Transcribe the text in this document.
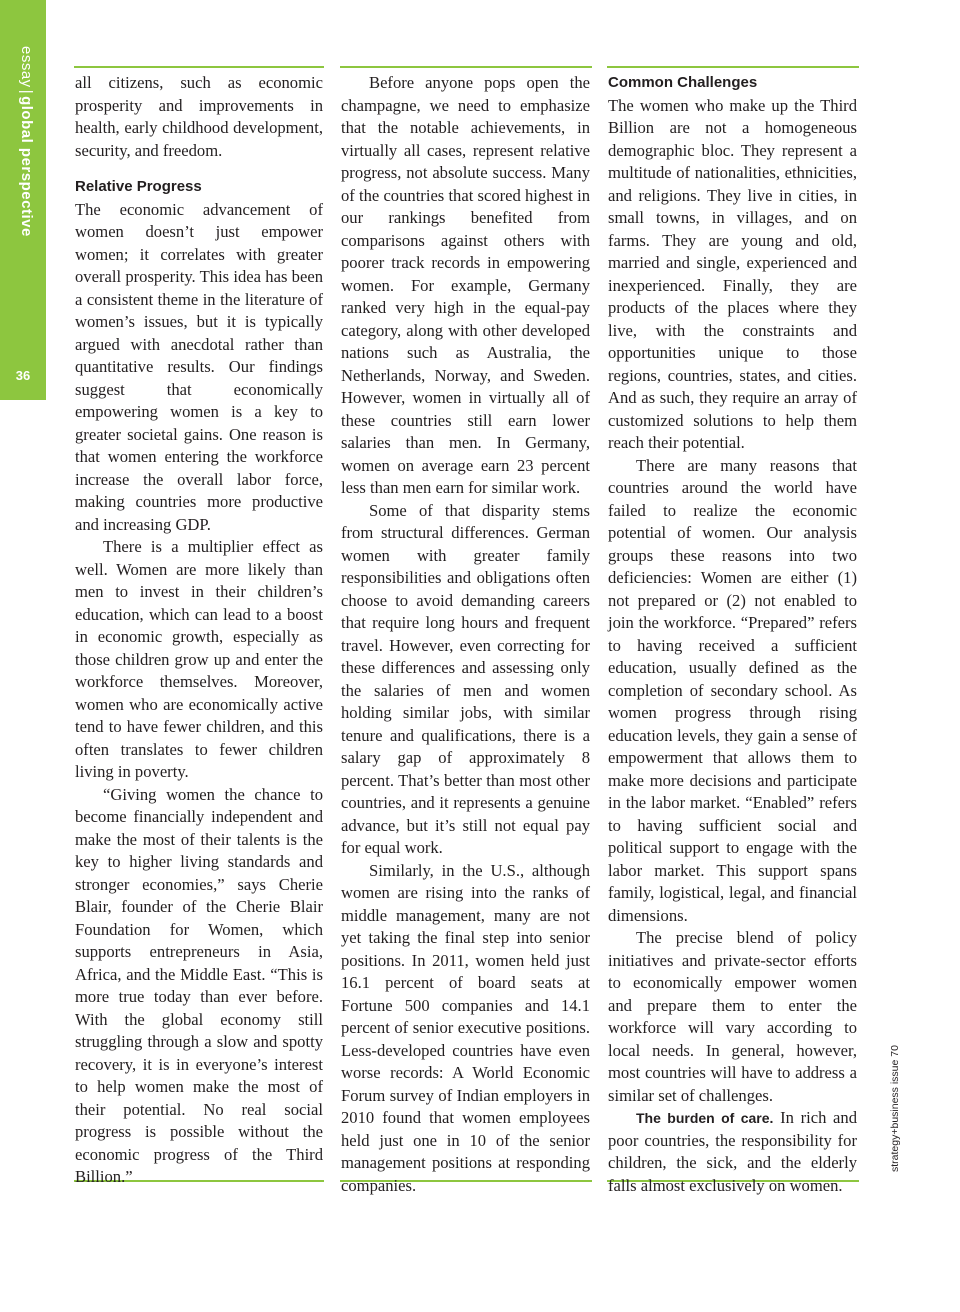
essay|global perspective
36

all citizens, such as economic prosperity and improvements in health, early childhood development, security, and freedom.

Relative Progress

The economic advancement of women doesn’t just empower women; it correlates with greater overall prosperity. This idea has been a consistent theme in the literature of women’s issues, but it is typically argued with anecdotal rather than quantitative results. Our findings suggest that economically empowering women is a key to greater societal gains. One reason is that women entering the workforce increase the overall labor force, making countries more productive and increasing GDP.

There is a multiplier effect as well. Women are more likely than men to invest in their children’s education, which can lead to a boost in economic growth, especially as those children grow up and enter the workforce themselves. Moreover, women who are economically active tend to have fewer children, and this often translates to fewer children living in poverty.

“Giving women the chance to become financially independent and make the most of their talents is the key to higher living standards and stronger economies,” says Cherie Blair, founder of the Cherie Blair Foundation for Women, which supports entrepreneurs in Asia, Africa, and the Middle East. “This is more true today than ever before. With the global economy still struggling through a slow and spotty recovery, it is in everyone’s interest to help women make the most of their potential. No real social progress is possible without the economic progress of the Third Billion.”

Before anyone pops open the champagne, we need to emphasize that the notable achievements, in virtually all cases, represent relative progress, not absolute success. Many of the countries that scored highest in our rankings benefited from comparisons against others with poorer track records in empowering women. For example, Germany ranked very high in the equal-pay category, along with other developed nations such as Australia, the Netherlands, Norway, and Sweden. However, women in virtually all of these countries still earn lower salaries than men. In Germany, women on average earn 23 percent less than men earn for similar work.

Some of that disparity stems from structural differences. German women with greater family responsibilities and obligations often choose to avoid demanding careers that require long hours and frequent travel. However, even correcting for these differences and assessing only the salaries of men and women holding similar jobs, with similar tenure and qualifications, there is a salary gap of approximately 8 percent. That’s better than most other countries, and it represents a genuine advance, but it’s still not equal pay for equal work.

Similarly, in the U.S., although women are rising into the ranks of middle management, many are not yet taking the final step into senior positions. In 2011, women held just 16.1 percent of board seats at Fortune 500 companies and 14.1 percent of senior executive positions. Less-developed countries have even worse records: A World Economic Forum survey of Indian employers in 2010 found that women employees held just one in 10 of the senior management positions at responding companies.

Common Challenges

The women who make up the Third Billion are not a homogeneous demographic bloc. They represent a multitude of nationalities, ethnicities, and religions. They live in cities, in small towns, in villages, and on farms. They are young and old, married and single, experienced and inexperienced. Finally, they are products of the places where they live, with the constraints and opportunities unique to those regions, countries, states, and cities. And as such, they require an array of customized solutions to help them reach their potential.

There are many reasons that countries around the world have failed to realize the economic potential of women. Our analysis groups these reasons into two deficiencies: Women are either (1) not prepared or (2) not enabled to join the workforce. “Prepared” refers to having received a sufficient education, usually defined as the completion of secondary school. As women progress through rising education levels, they gain a sense of empowerment that allows them to make more decisions and participate in the labor market. “Enabled” refers to having sufficient social and political support to engage with the labor market. This support spans family, logistical, legal, and financial dimensions.

The precise blend of policy initiatives and private-sector efforts to economically empower women and prepare them to enter the workforce will vary according to local needs. In general, however, most countries will have to address a similar set of challenges.

The burden of care. In rich and poor countries, the responsibility for children, the sick, and the elderly falls almost exclusively on women.

strategy+business issue 70
